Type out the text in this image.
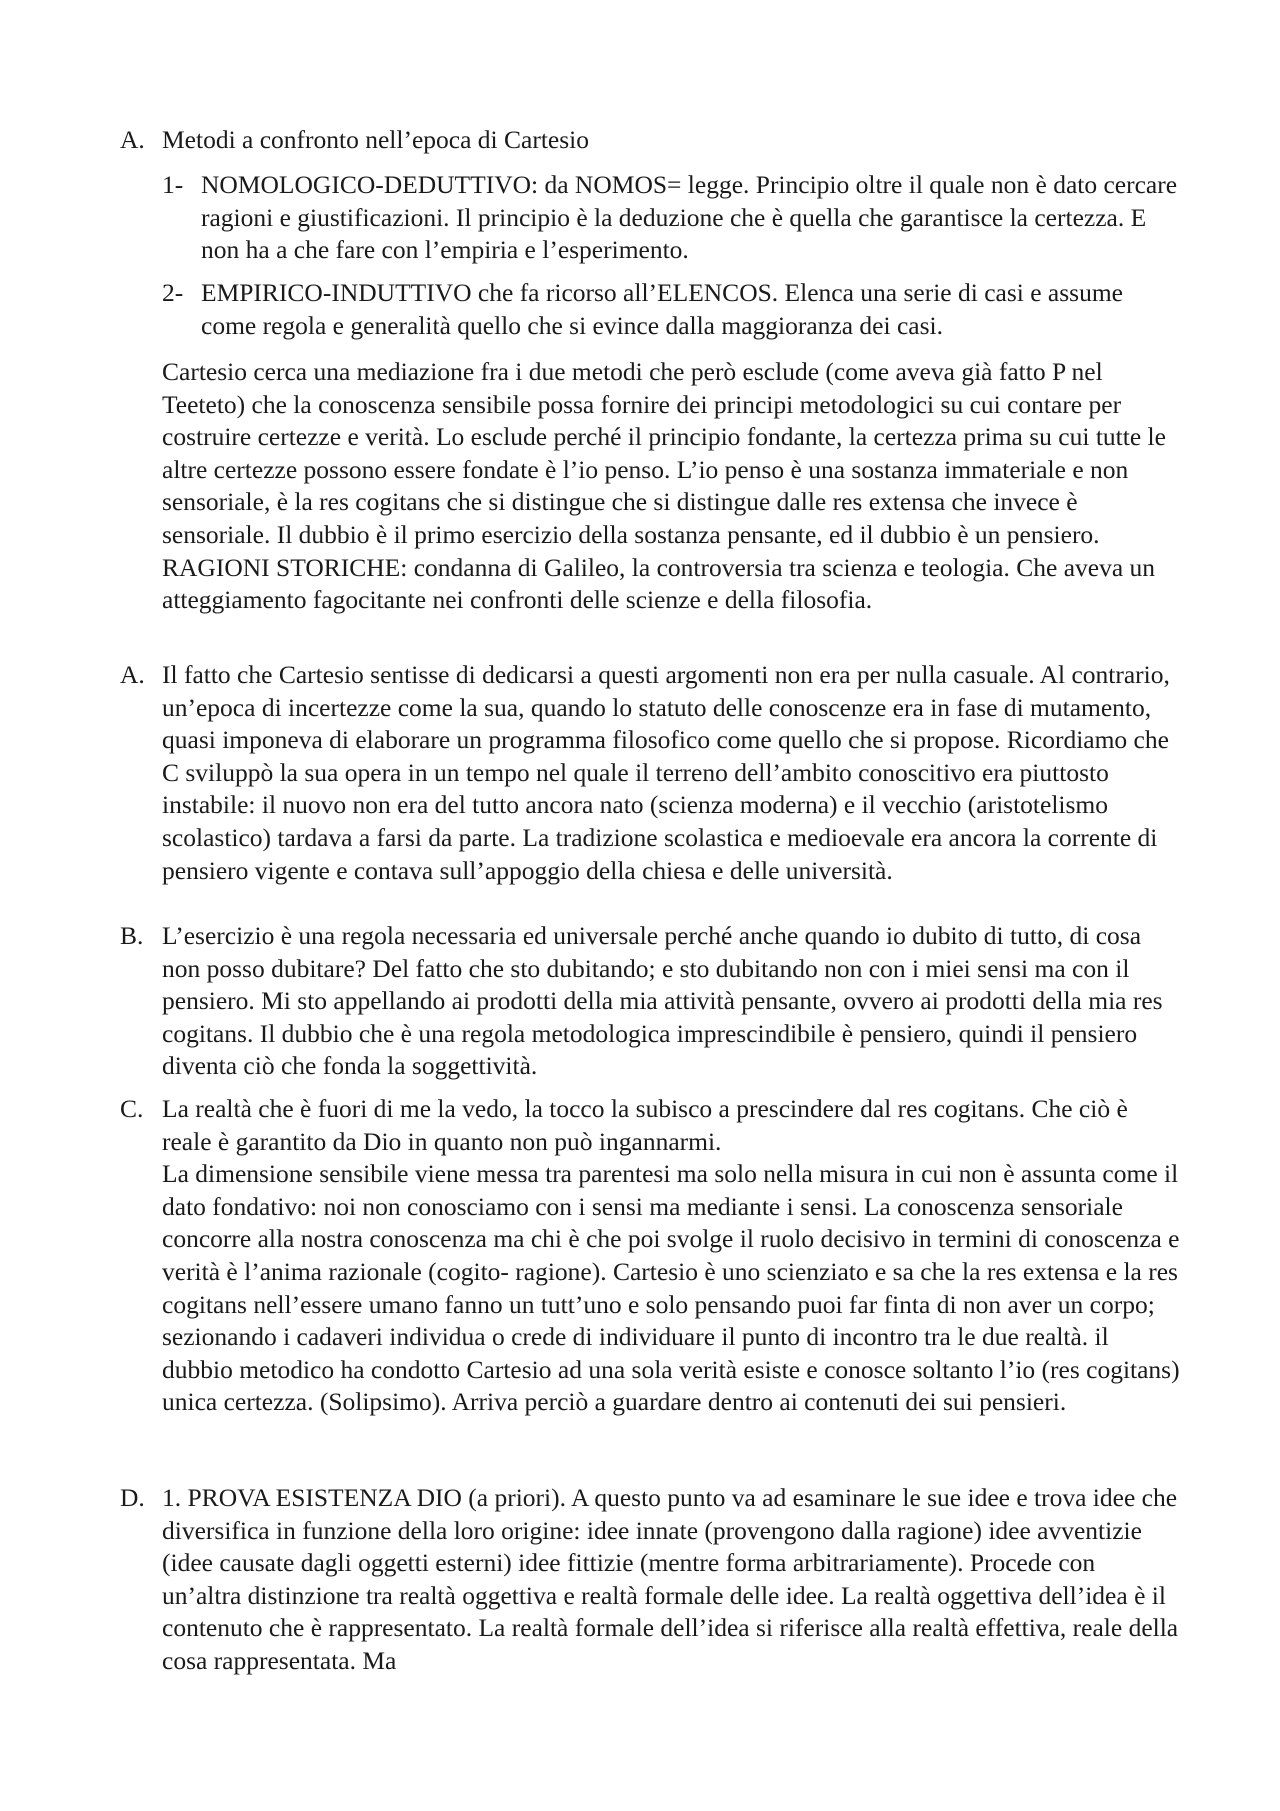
A. Metodi a confronto nell’epoca di Cartesio

1- NOMOLOGICO-DEDUTTIVO: da NOMOS= legge. Principio oltre il quale non è dato cercare ragioni e giustificazioni. Il principio è la deduzione che è quella che garantisce la certezza. E non ha a che fare con l’empiria e l’esperimento.

2- EMPIRICO-INDUTTIVO che fa ricorso all’ELENCOS. Elenca una serie di casi e assume come regola e generalità quello che si evince dalla maggioranza dei casi.

Cartesio cerca una mediazione fra i due metodi che però esclude (come aveva già fatto P nel Teeteto) che la conoscenza sensibile possa fornire dei principi metodologici su cui contare per costruire certezze e verità. Lo esclude perché il principio fondante, la certezza prima su cui tutte le altre certezze possono essere fondate è l’io penso. L’io penso è una sostanza immateriale e non sensoriale, è la res cogitans che si distingue che si distingue dalle res extensa che invece è sensoriale. Il dubbio è il primo esercizio della sostanza pensante, ed il dubbio è un pensiero. RAGIONI STORICHE: condanna di Galileo, la controversia tra scienza e teologia. Che aveva un atteggiamento fagocitante nei confronti delle scienze e della filosofia.

A. Il fatto che Cartesio sentisse di dedicarsi a questi argomenti non era per nulla casuale. Al contrario, un’epoca di incertezze come la sua, quando lo statuto delle conoscenze era in fase di mutamento, quasi imponeva di elaborare un programma filosofico come quello che si propose. Ricordiamo che C sviluppò la sua opera in un tempo nel quale il terreno dell’ambito conoscitivo era piuttosto instabile: il nuovo non era del tutto ancora nato (scienza moderna) e il vecchio (aristotelismo scolastico) tardava a farsi da parte. La tradizione scolastica e medioevale era ancora la corrente di pensiero vigente e contava sull’appoggio della chiesa e delle università.

B. L’esercizio è una regola necessaria ed universale perché anche quando io dubito di tutto, di cosa non posso dubitare? Del fatto che sto dubitando; e sto dubitando non con i miei sensi ma con il pensiero. Mi sto appellando ai prodotti della mia attività pensante, ovvero ai prodotti della mia res cogitans. Il dubbio che è una regola metodologica imprescindibile è pensiero, quindi il pensiero diventa ciò che fonda la soggettività.

C. La realtà che è fuori di me la vedo, la tocco la subisco a prescindere dal res cogitans. Che ciò è reale è garantito da Dio in quanto non può ingannarmi.

La dimensione sensibile viene messa tra parentesi ma solo nella misura in cui non è assunta come il dato fondativo: noi non conosciamo con i sensi ma mediante i sensi. La conoscenza sensoriale concorre alla nostra conoscenza ma chi è che poi svolge il ruolo decisivo in termini di conoscenza e verità è l’anima razionale (cogito- ragione). Cartesio è uno scienziato e sa che la res extensa e la res cogitans nell’essere umano fanno un tutt’uno e solo pensando puoi far finta di non aver un corpo; sezionando i cadaveri individua o crede di individuare il punto di incontro tra le due realtà. il dubbio metodico ha condotto Cartesio ad una sola verità esiste e conosce soltanto l’io (res cogitans) unica certezza. (Solipsimo). Arriva perciò a guardare dentro ai contenuti dei sui pensieri.

D. 1. PROVA ESISTENZA DIO (a priori). A questo punto va ad esaminare le sue idee e trova idee che diversifica in funzione della loro origine: idee innate (provengono dalla ragione) idee avventizie (idee causate dagli oggetti esterni) idee fittizie (mentre forma arbitrariamente). Procede con un’altra distinzione tra realtà oggettiva e realtà formale delle idee. La realtà oggettiva dell’idea è il contenuto che è rappresentato. La realtà formale dell’idea si riferisce alla realtà effettiva, reale della cosa rappresentata. Ma
